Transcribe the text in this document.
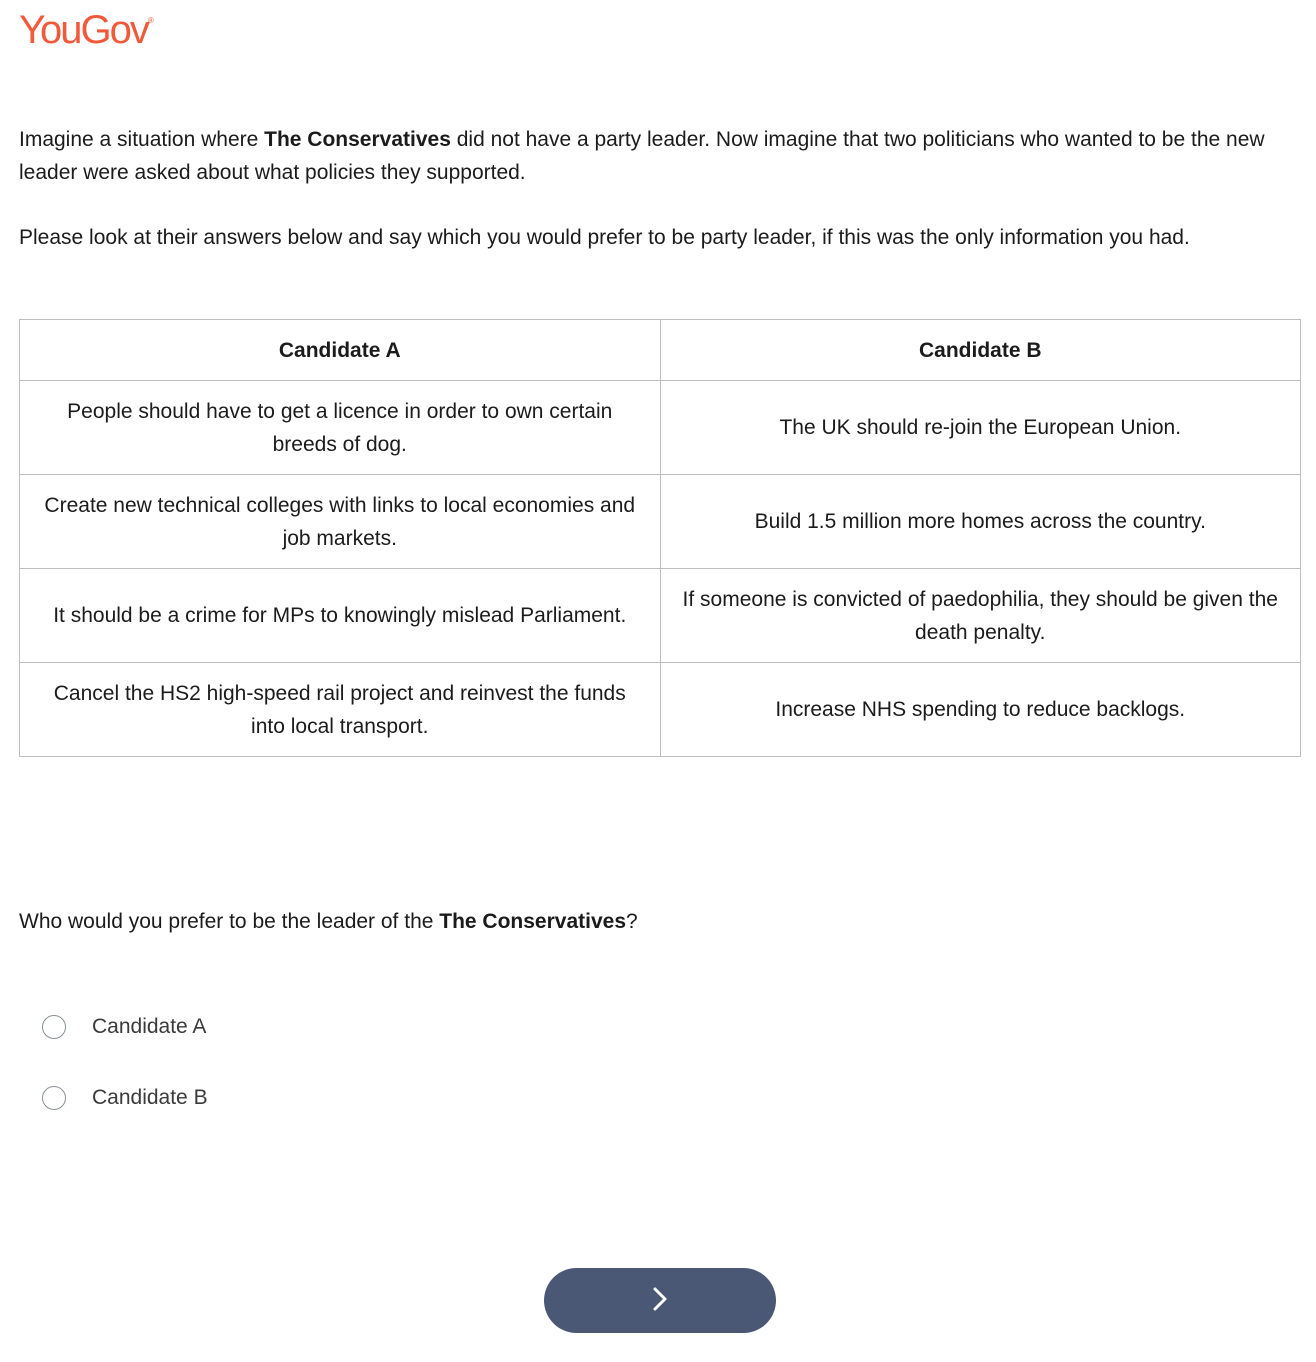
YouGov®

Imagine a situation where The Conservatives did not have a party leader. Now imagine that two politicians who wanted to be the new leader were asked about what policies they supported.

Please look at their answers below and say which you would prefer to be party leader, if this was the only information you had.

Candidate A	Candidate B
People should have to get a licence in order to own certain breeds of dog.	The UK should re-join the European Union.
Create new technical colleges with links to local economies and job markets.	Build 1.5 million more homes across the country.
It should be a crime for MPs to knowingly mislead Parliament.	If someone is convicted of paedophilia, they should be given the death penalty.
Cancel the HS2 high-speed rail project and reinvest the funds into local transport.	Increase NHS spending to reduce backlogs.

Who would you prefer to be the leader of the The Conservatives?

Candidate A
Candidate B
